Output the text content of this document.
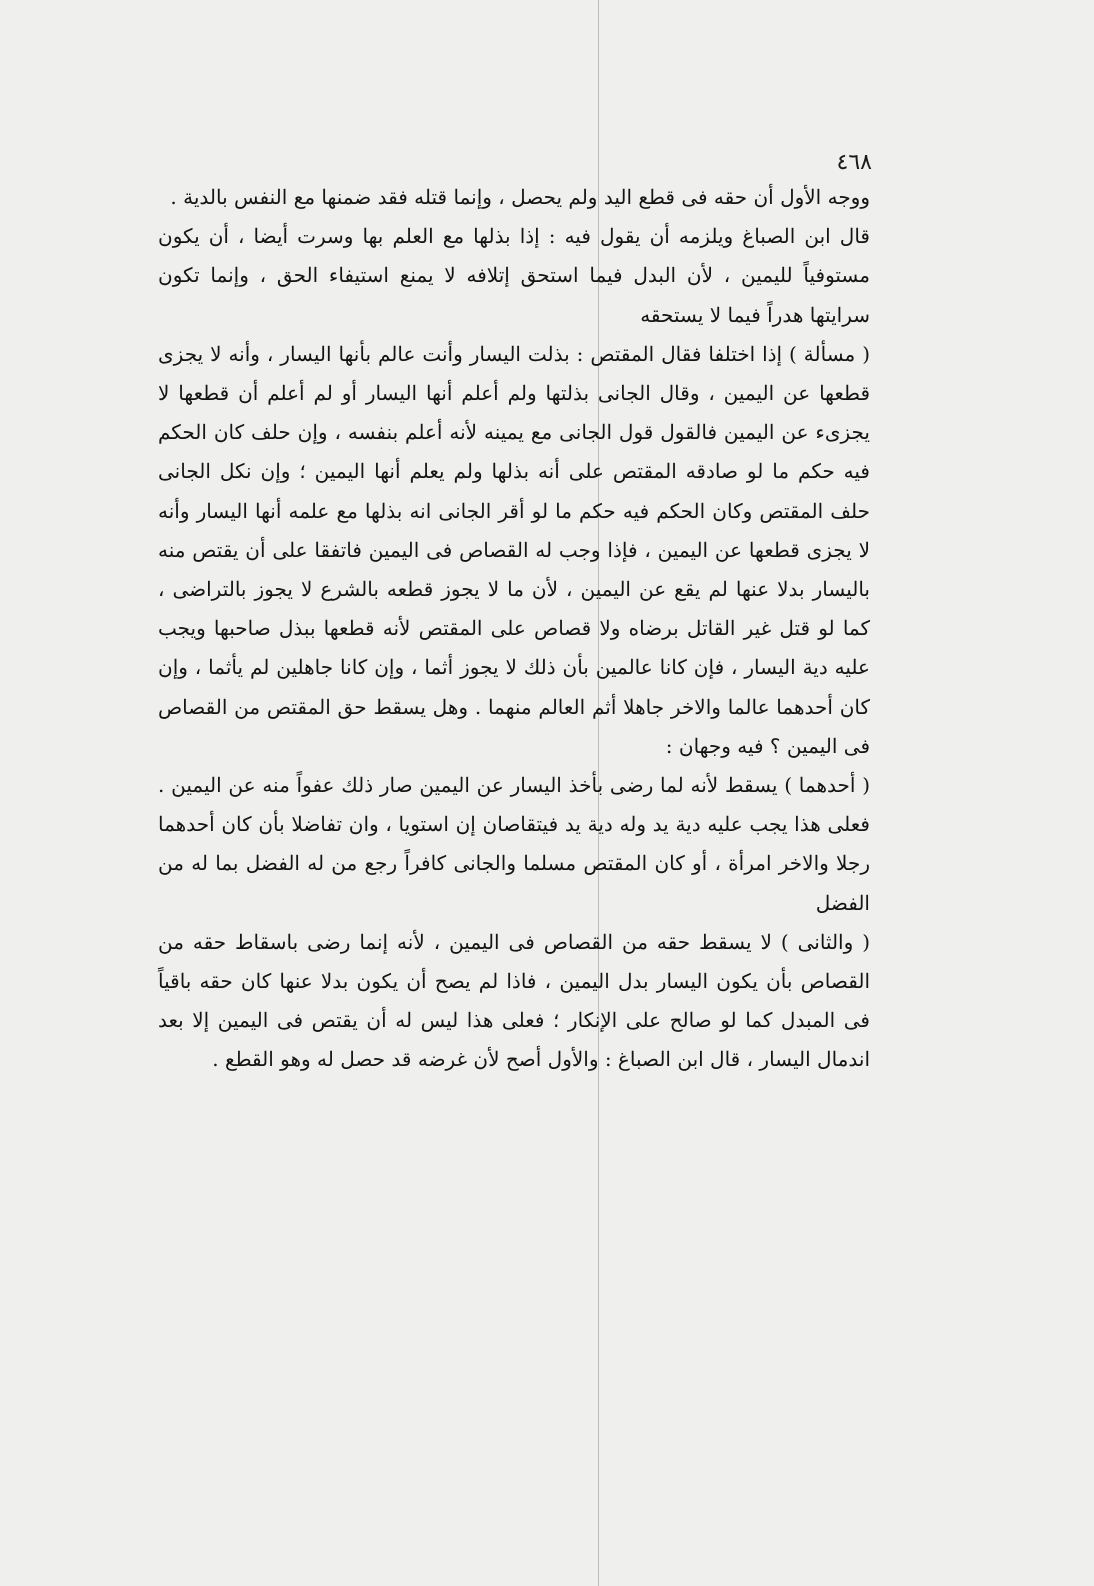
٤٦٨

ووجه الأول أن حقه فى قطع اليد ولم يحصل ، وإنما قتله فقد ضمنها مع النفس بالدية .

قال ابن الصباغ ويلزمه أن يقول فيه : إذا بذلها مع العلم بها وسرت أيضا ، أن يكون مستوفياً لليمين ، لأن البدل فيما استحق إتلافه لا يمنع استيفاء الحق ، وإنما تكون سرايتها هدراً فيما لا يستحقه

( مسألة ) إذا اختلفا فقال المقتص : بذلت اليسار وأنت عالم بأنها اليسار ، وأنه لا يجزى قطعها عن اليمين ، وقال الجانى بذلتها ولم أعلم أنها اليسار أو لم أعلم أن قطعها لا يجزىء عن اليمين فالقول قول الجانى مع يمينه لأنه أعلم بنفسه ، وإن حلف كان الحكم فيه حكم ما لو صادقه المقتص على أنه بذلها ولم يعلم أنها اليمين ؛ وإن نكل الجانى حلف المقتص وكان الحكم فيه حكم ما لو أقر الجانى انه بذلها مع علمه أنها اليسار وأنه لا يجزى قطعها عن اليمين ، فإذا وجب له القصاص فى اليمين فاتفقا على أن يقتص منه باليسار بدلا عنها لم يقع عن اليمين ، لأن ما لا يجوز قطعه بالشرع لا يجوز بالتراضى ، كما لو قتل غير القاتل برضاه ولا قصاص على المقتص لأنه قطعها ببذل صاحبها ويجب عليه دية اليسار ، فإن كانا عالمين بأن ذلك لا يجوز أثما ، وإن كانا جاهلين لم يأثما ، وإن كان أحدهما عالما والاخر جاهلا أثم العالم منهما . وهل يسقط حق المقتص من القصاص فى اليمين ؟ فيه وجهان :

( أحدهما ) يسقط لأنه لما رضى بأخذ اليسار عن اليمين صار ذلك عفواً منه عن اليمين . فعلى هذا يجب عليه دية يد وله دية يد فيتقاصان إن استويا ، وان تفاضلا بأن كان أحدهما رجلا والاخر امرأة ، أو كان المقتص مسلما والجانى كافراً رجع من له الفضل بما له من الفضل

( والثانى ) لا يسقط حقه من القصاص فى اليمين ، لأنه إنما رضى باسقاط حقه من القصاص بأن يكون اليسار بدل اليمين ، فاذا لم يصح أن يكون بدلا عنها كان حقه باقياً فى المبدل كما لو صالح على الإنكار ؛ فعلى هذا ليس له أن يقتص فى اليمين إلا بعد اندمال اليسار ، قال ابن الصباغ : والأول أصح لأن غرضه قد حصل له وهو القطع .
